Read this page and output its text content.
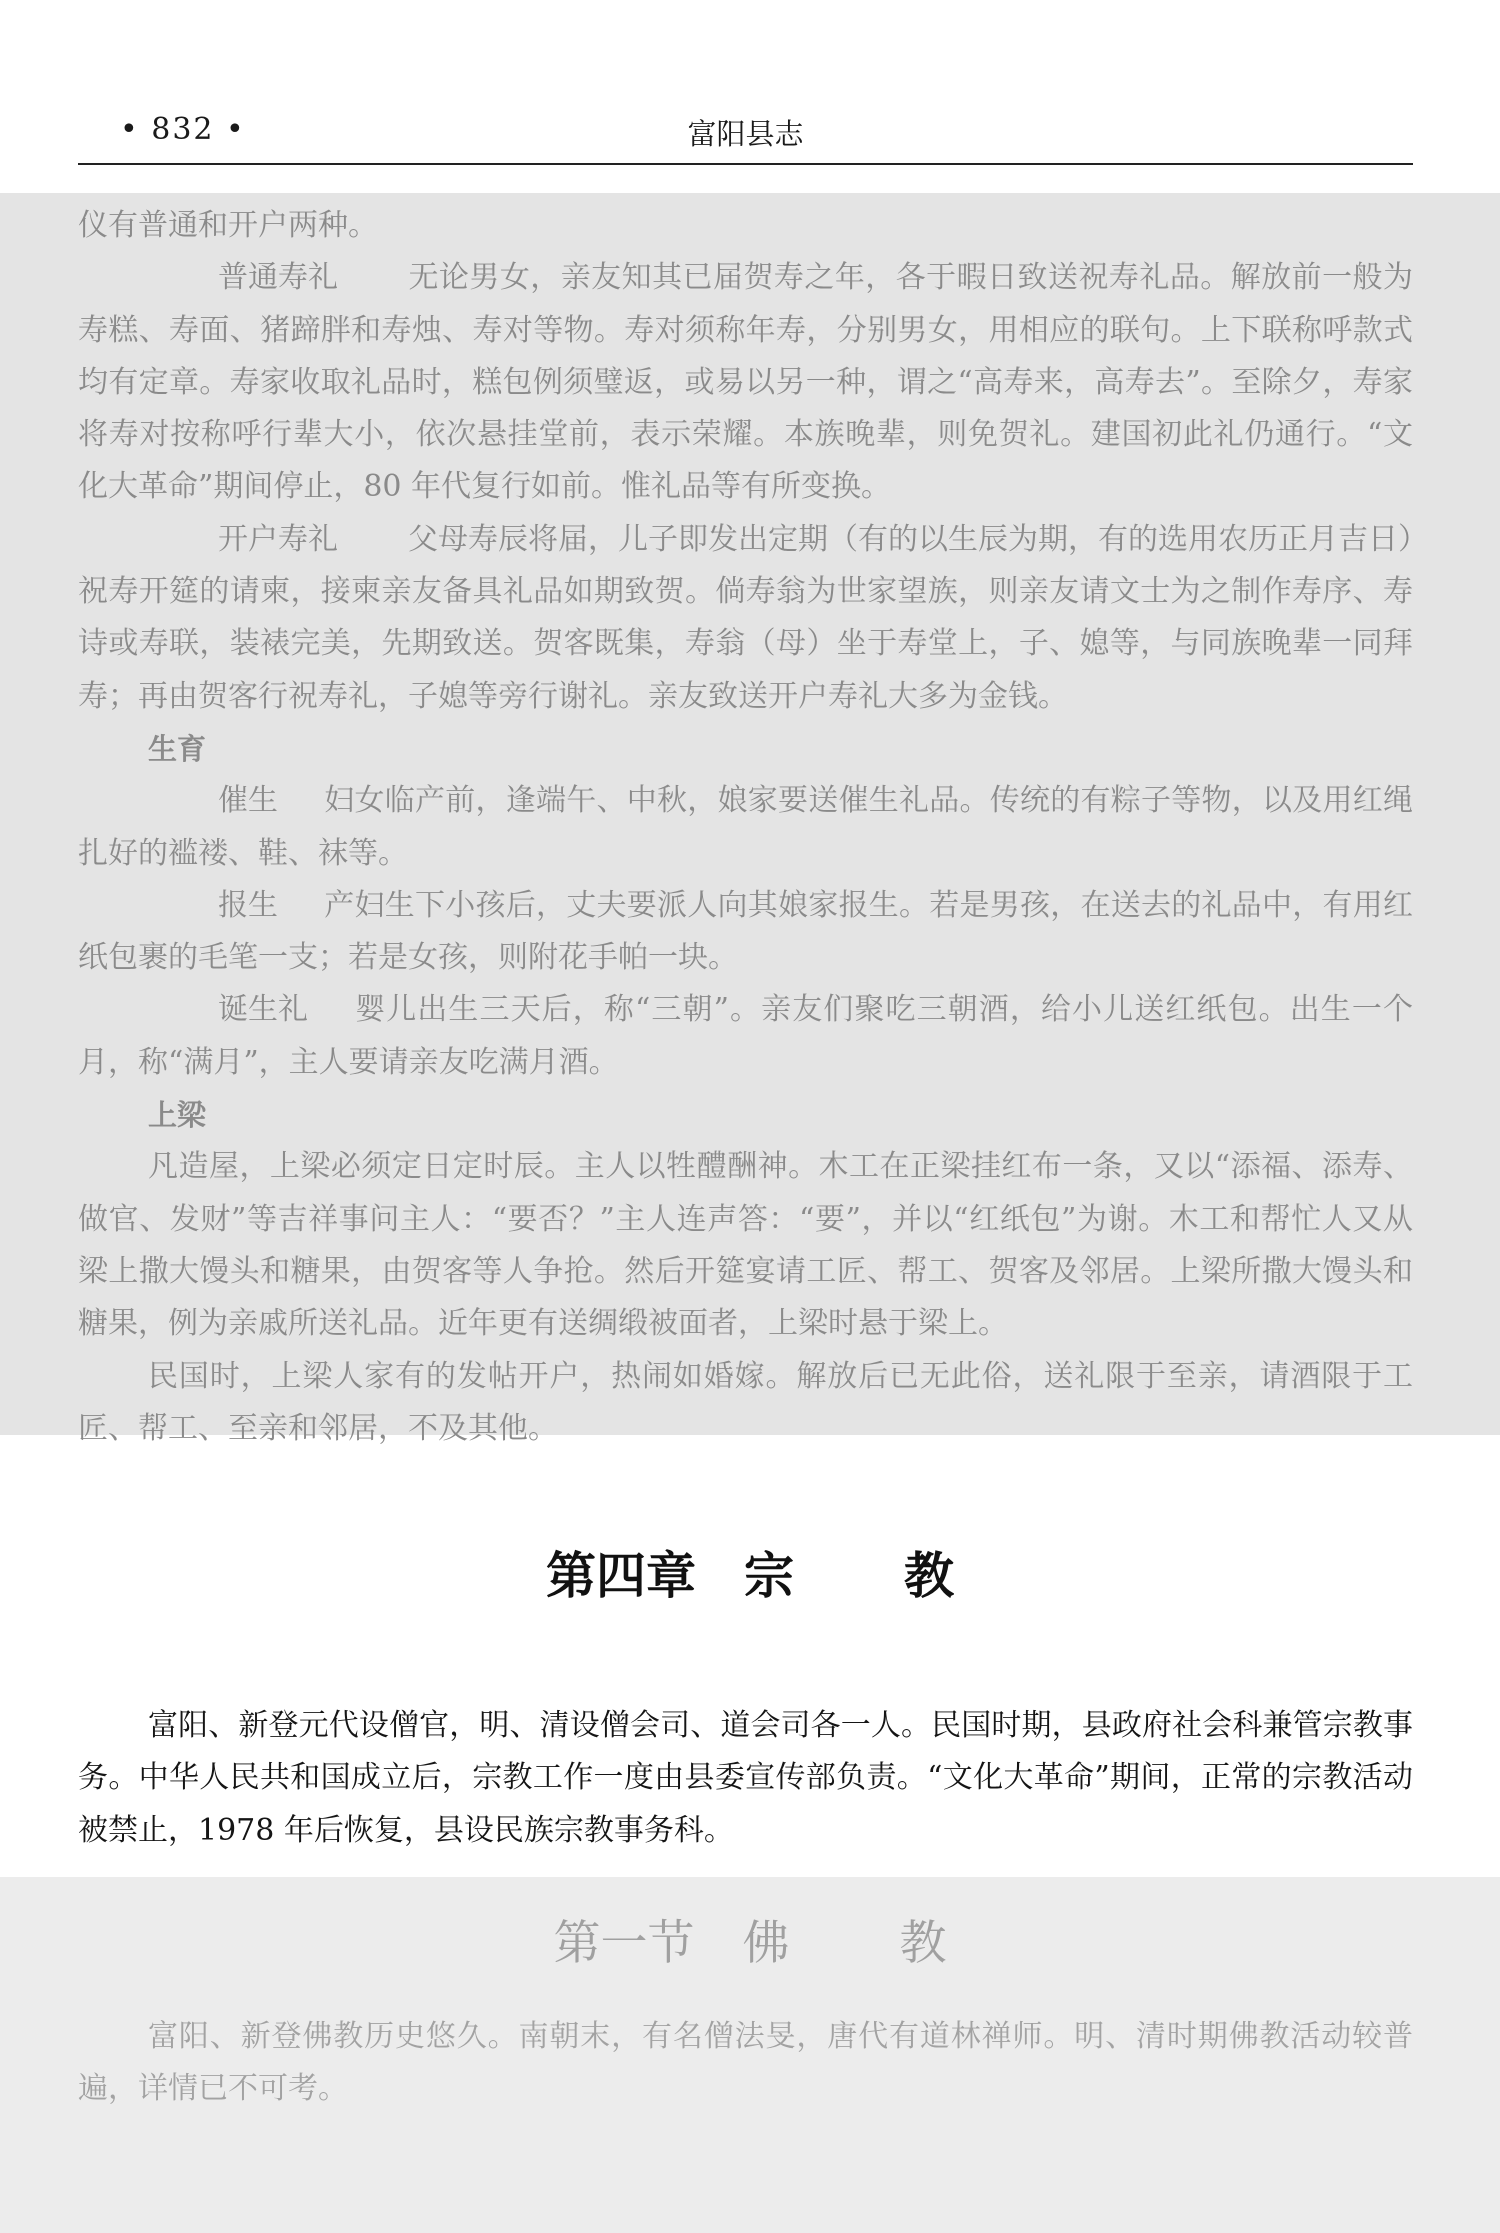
• 832 •	富阳县志

仪有普通和开户两种。

普通寿礼 无论男女，亲友知其已届贺寿之年，各于暇日致送祝寿礼品。解放前一般为寿糕、寿面、猪蹄胖和寿烛、寿对等物。寿对须称年寿，分别男女，用相应的联句。上下联称呼款式均有定章。寿家收取礼品时，糕包例须璧返，或易以另一种，谓之“高寿来，高寿去”。至除夕，寿家将寿对按称呼行辈大小，依次悬挂堂前，表示荣耀。本族晚辈，则免贺礼。建国初此礼仍通行。“文化大革命”期间停止，80 年代复行如前。惟礼品等有所变换。

开户寿礼 父母寿辰将届，儿子即发出定期（有的以生辰为期，有的选用农历正月吉日）祝寿开筵的请柬，接柬亲友备具礼品如期致贺。倘寿翁为世家望族，则亲友请文士为之制作寿序、寿诗或寿联，装裱完美，先期致送。贺客既集，寿翁（母）坐于寿堂上，子、媳等，与同族晚辈一同拜寿；再由贺客行祝寿礼，子媳等旁行谢礼。亲友致送开户寿礼大多为金钱。

生育

催生 妇女临产前，逢端午、中秋，娘家要送催生礼品。传统的有粽子等物，以及用红绳扎好的褴褛、鞋、袜等。

报生 产妇生下小孩后，丈夫要派人向其娘家报生。若是男孩，在送去的礼品中，有用红纸包裹的毛笔一支；若是女孩，则附花手帕一块。

诞生礼 婴儿出生三天后，称“三朝”。亲友们聚吃三朝酒，给小儿送红纸包。出生一个月，称“满月”，主人要请亲友吃满月酒。

上梁

凡造屋，上梁必须定日定时辰。主人以牲醴酬神。木工在正梁挂红布一条，又以“添福、添寿、做官、发财”等吉祥事问主人：“要否？”主人连声答：“要”，并以“红纸包”为谢。木工和帮忙人又从梁上撒大馒头和糖果，由贺客等人争抢。然后开筵宴请工匠、帮工、贺客及邻居。上梁所撒大馒头和糖果，例为亲戚所送礼品。近年更有送绸缎被面者，上梁时悬于梁上。

民国时，上梁人家有的发帖开户，热闹如婚嫁。解放后已无此俗，送礼限于至亲，请酒限于工匠、帮工、至亲和邻居，不及其他。

第四章 宗 教

富阳、新登元代设僧官，明、清设僧会司、道会司各一人。民国时期，县政府社会科兼管宗教事务。中华人民共和国成立后，宗教工作一度由县委宣传部负责。“文化大革命”期间，正常的宗教活动被禁止，1978 年后恢复，县设民族宗教事务科。

第一节 佛 教

富阳、新登佛教历史悠久。南朝末，有名僧法旻，唐代有道林禅师。明、清时期佛教活动较普遍，详情已不可考。
